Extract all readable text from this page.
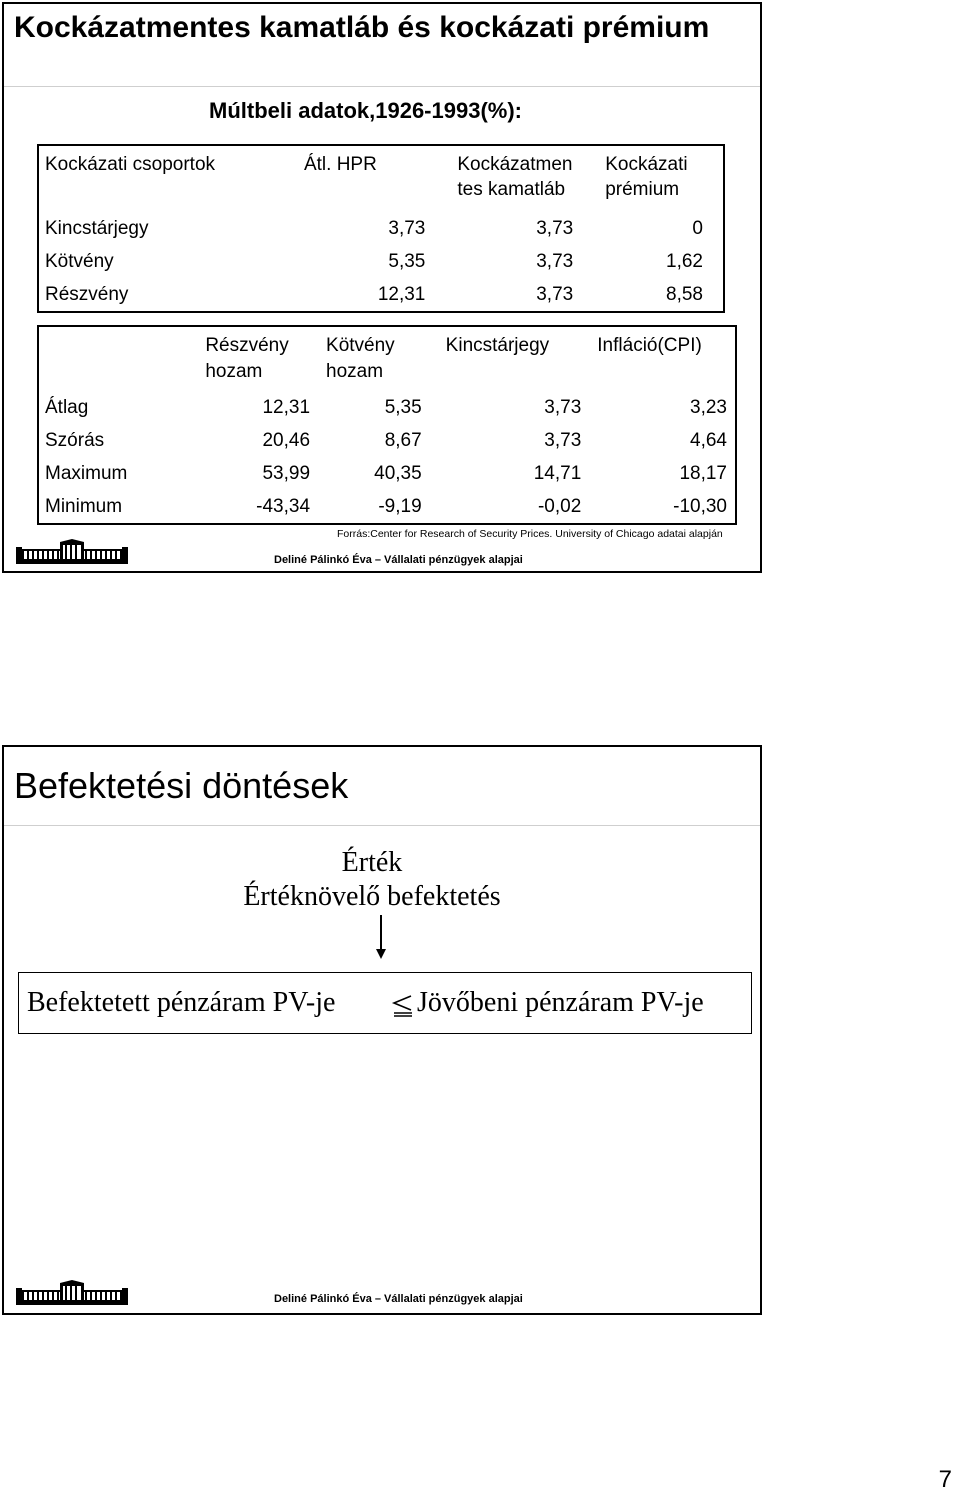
Kockázatmentes kamatláb és kockázati prémium
Múltbeli adatok,1926-1993(%):
Kockázati csoportok	Átl. HPR	Kockázatmen tes kamatláb	Kockázati prémium
Kincstárjegy	3,73	3,73	0
Kötvény	5,35	3,73	1,62
Részvény	12,31	3,73	8,58
	Részvény hozam	Kötvény hozam	Kincstárjegy	Infláció(CPI)
Átlag	12,31	5,35	3,73	3,23
Szórás	20,46	8,67	3,73	4,64
Maximum	53,99	40,35	14,71	18,17
Minimum	-43,34	-9,19	-0,02	-10,30
Forrás:Center for Research of Security Prices. University of Chicago adatai alapján
Deliné Pálinkó Éva – Vállalati pénzügyek alapjai
Befektetési döntések
Érték
Értéknövelő befektetés
Befektetett pénzáram PV-je	Jövőbeni pénzáram PV-je
Deliné Pálinkó Éva – Vállalati pénzügyek alapjai
7
